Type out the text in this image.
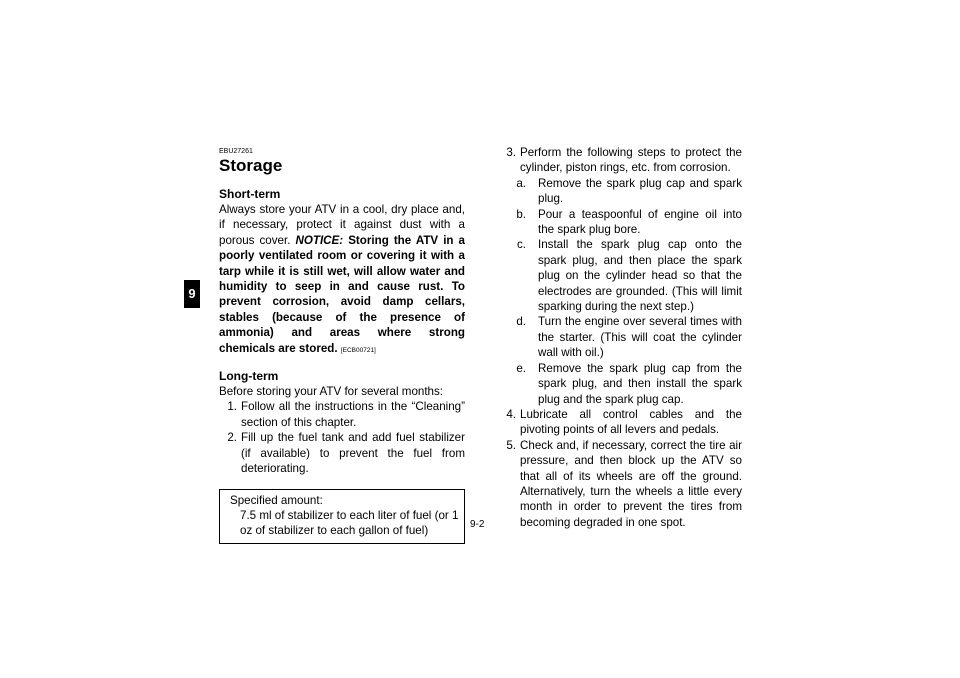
9
EBU27261
Storage
Short-term

Always store your ATV in a cool, dry place and, if necessary, protect it against dust with a porous cover. NOTICE: Storing the ATV in a poorly ventilated room or covering it with a tarp while it is still wet, will allow water and humidity to seep in and cause rust. To prevent corrosion, avoid damp cellars, stables (because of the presence of ammonia) and areas where strong chemicals are stored. [ECB00721]

Long-term

Before storing your ATV for several months:

1. Follow all the instructions in the “Cleaning” section of this chapter.
2. Fill up the fuel tank and add fuel stabilizer (if available) to prevent the fuel from deteriorating.
Specified amount:
7.5 ml of stabilizer to each liter of fuel (or 1 oz of stabilizer to each gallon of fuel)
3. Perform the following steps to protect the cylinder, piston rings, etc. from corrosion.
a. Remove the spark plug cap and spark plug.
b. Pour a teaspoonful of engine oil into the spark plug bore.
c. Install the spark plug cap onto the spark plug, and then place the spark plug on the cylinder head so that the electrodes are grounded. (This will limit sparking during the next step.)
d. Turn the engine over several times with the starter. (This will coat the cylinder wall with oil.)
e. Remove the spark plug cap from the spark plug, and then install the spark plug and the spark plug cap.
4. Lubricate all control cables and the pivoting points of all levers and pedals.
5. Check and, if necessary, correct the tire air pressure, and then block up the ATV so that all of its wheels are off the ground. Alternatively, turn the wheels a little every month in order to prevent the tires from becoming degraded in one spot.
9-2
